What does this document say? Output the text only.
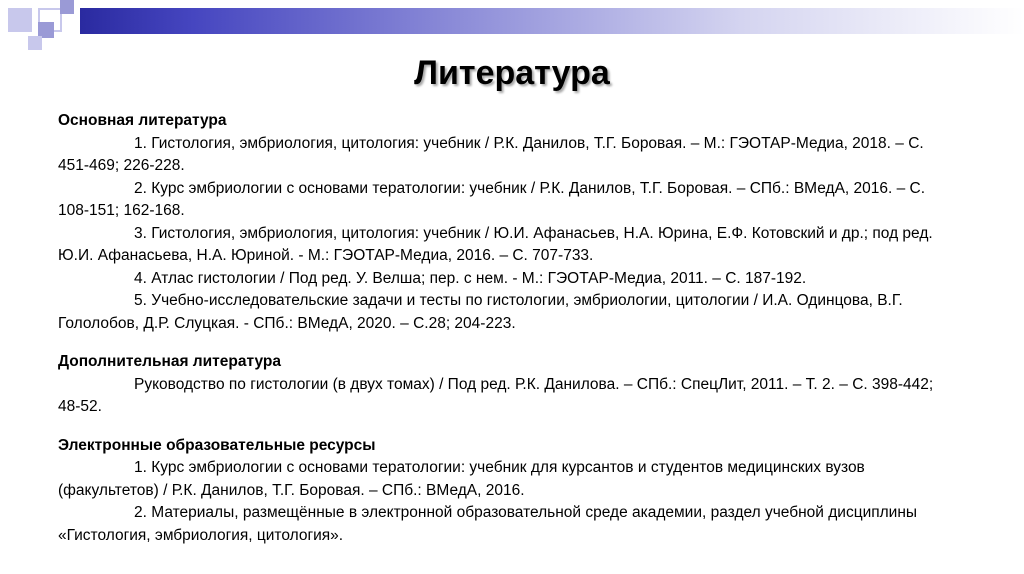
Литература

Основная литература

1. Гистология, эмбриология, цитология: учебник / Р.К. Данилов, Т.Г. Боровая. – М.: ГЭОТАР-Медиа, 2018. – С. 451-469; 226-228.

2. Курс эмбриологии с основами тератологии: учебник / Р.К. Данилов, Т.Г. Боровая. – СПб.: ВМедА, 2016. – С. 108-151; 162-168.

3. Гистология, эмбриология, цитология: учебник / Ю.И. Афанасьев, Н.А. Юрина, Е.Ф. Котовский и др.; под ред. Ю.И. Афанасьева, Н.А. Юриной. - М.: ГЭОТАР-Медиа, 2016. – С. 707-733.

4. Атлас гистологии / Под ред. У. Велша; пер. с нем. - М.: ГЭОТАР-Медиа, 2011. – С. 187-192.

5. Учебно-исследовательские задачи и тесты по гистологии, эмбриологии, цитологии / И.А. Одинцова, В.Г. Гололобов, Д.Р. Слуцкая. - СПб.: ВМедА, 2020. – С.28; 204-223.

Дополнительная литература

Руководство по гистологии (в двух томах) / Под ред. Р.К. Данилова. – СПб.: СпецЛит, 2011. – Т. 2. – С. 398-442; 48-52.

Электронные образовательные ресурсы

1. Курс эмбриологии с основами тератологии: учебник для курсантов и студентов медицинских вузов (факультетов) / Р.К. Данилов, Т.Г. Боровая. – СПб.: ВМедА, 2016.

2. Материалы, размещённые в электронной образовательной среде академии, раздел учебной дисциплины «Гистология, эмбриология, цитология».
